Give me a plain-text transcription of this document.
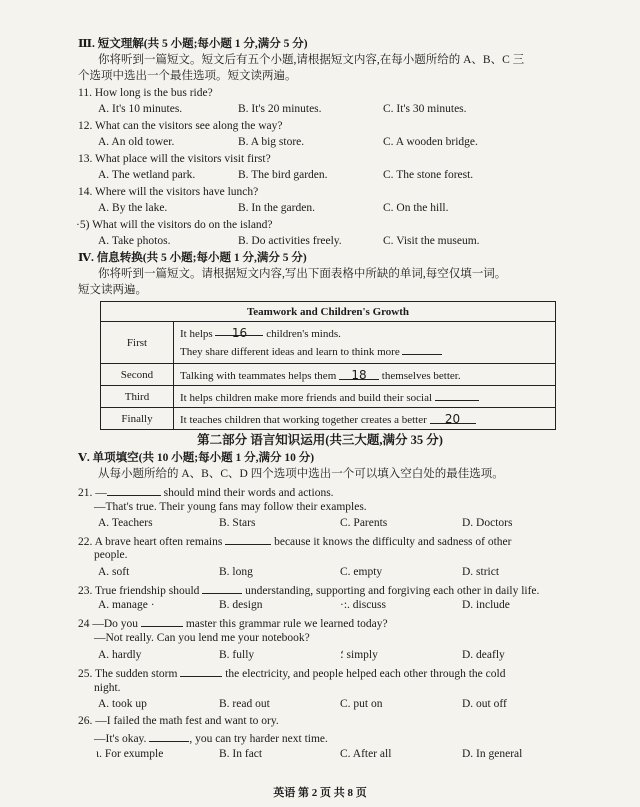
Ⅲ. 短文理解(共 5 小题;每小题 1 分,满分 5 分)
你将听到一篇短文。短文后有五个小题,请根据短文内容,在每小题所给的 A、B、C 三
个选项中选出一个最佳选项。短文读两遍。
11. How long is the bus ride?
A. It's 10 minutes.	B. It's 20 minutes.	C. It's 30 minutes.
12. What can the visitors see along the way?
A. An old tower.	B. A big store.	C. A wooden bridge.
13. What place will the visitors visit first?
A. The wetland park.	B. The bird garden.	C. The stone forest.
14. Where will the visitors have lunch?
A. By the lake.	B. In the garden.	C. On the hill.
·5) What will the visitors do on the island?
A. Take photos.	B. Do activities freely.	C. Visit the museum.
Ⅳ. 信息转换(共 5 小题;每小题 1 分,满分 5 分)
你将听到一篇短文。请根据短文内容,写出下面表格中所缺的单词,每空仅填一词。
短文读两遍。
Teamwork and Children's Growth	
First	It helps 16 children's minds.
They share different ideas and learn to think more

Second	Talking with teammates helps them 18 themselves better.
Third	It helps children make more friends and build their social
Finally	It teaches children that working together creates a better 20
第二部分 语言知识运用(共三大题,满分 35 分)
Ⅴ. 单项填空(共 10 小题;每小题 1 分,满分 10 分)
从每小题所给的 A、B、C、D 四个选项中选出一个可以填入空白处的最佳选项。
21. —	should mind their words and actions.
—That's true. Their young fans may follow their examples.
A. Teachers	B. Stars	C. Parents	D. Doctors
22. A brave heart often remains	because it knows the difficulty and sadness of other
people.
A. soft	B. long	C. empty	D. strict
23. True friendship should	understanding, supporting and forgiving each other in daily life.
A. manage ·	B. design	·:. discuss	D. include
24 —Do you	master this grammar rule we learned today?
—Not really. Can you lend me your notebook?
A. hardly	B. fully	؛ simply	D. deafly
25. The sudden storm	the electricity, and people helped each other through the cold
night.
A. took up	B. read out	C. put on	D. out off
26. —I failed the math fest and want to ory.
—It's okay.	, you can try harder next time.
ι. For exumple	B. In fact	C. After all	D. In general
英语 第 2 页 共 8 页
